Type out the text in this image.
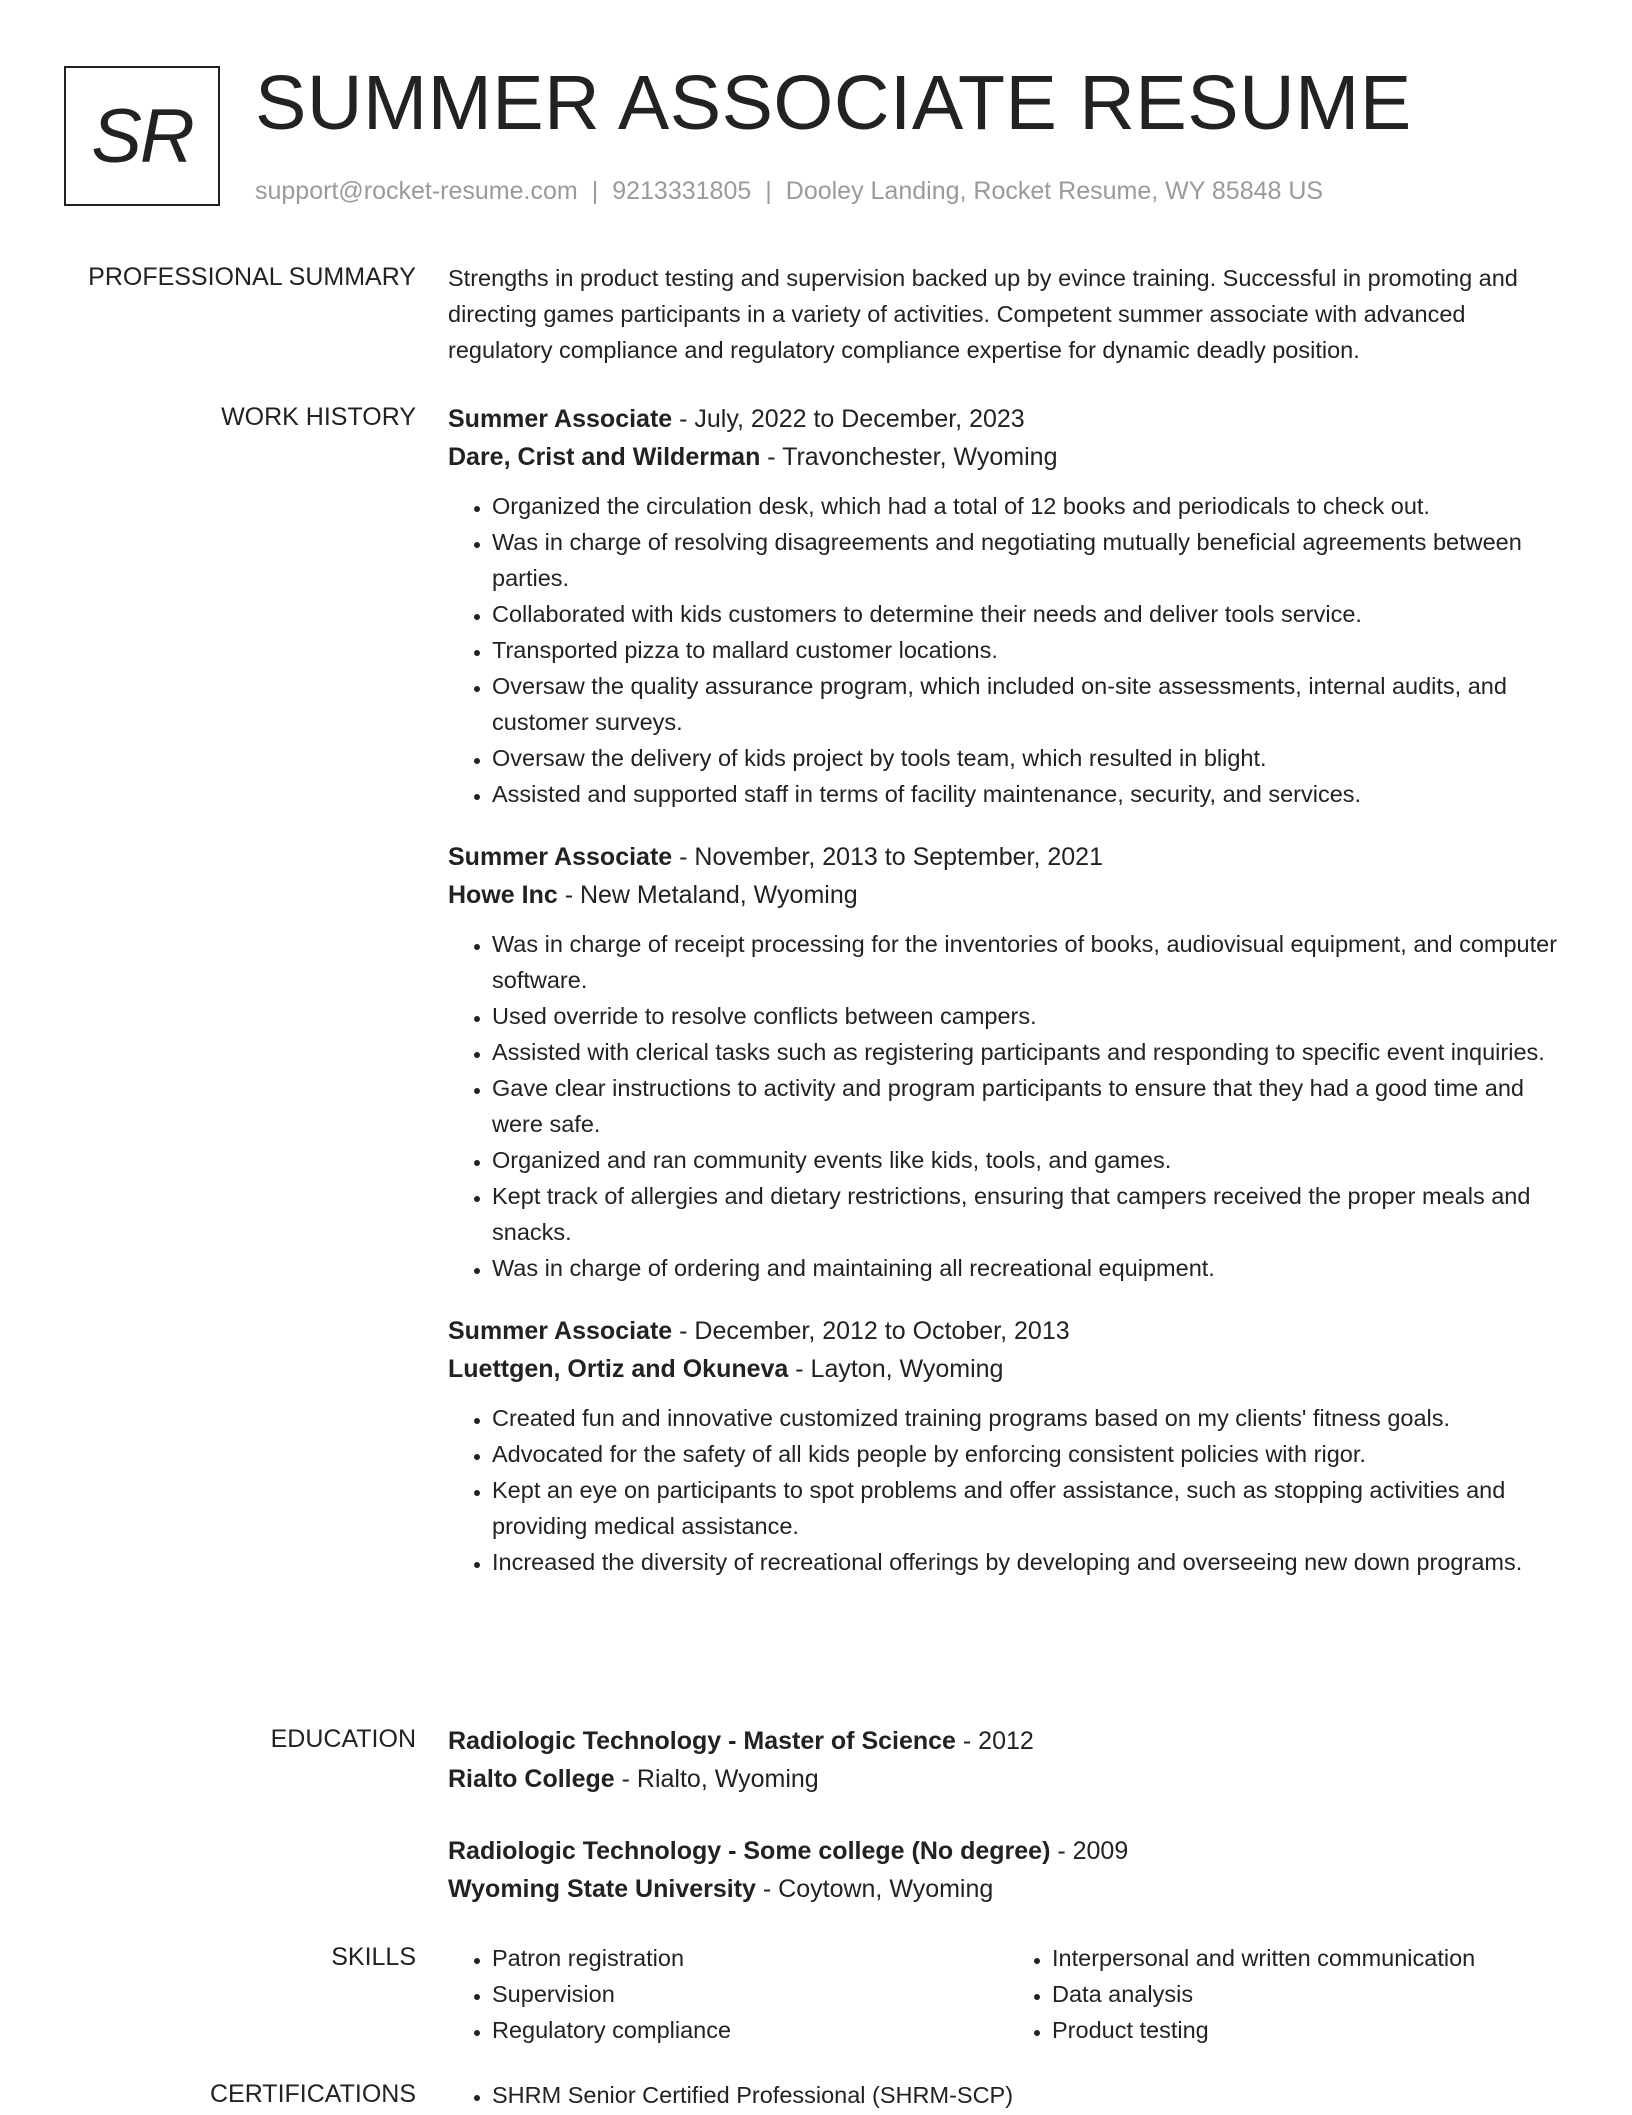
SR SUMMER ASSOCIATE RESUME
support@rocket-resume.com | 9213331805 | Dooley Landing, Rocket Resume, WY 85848 US
PROFESSIONAL SUMMARY Strengths in product testing and supervision backed up by evince training. Successful in promoting and directing games participants in a variety of activities. Competent summer associate with advanced regulatory compliance and regulatory compliance expertise for dynamic deadly position.

WORK HISTORY Summer Associate - July, 2022 to December, 2023
Dare, Crist and Wilderman - Travonchester, Wyoming
• Organized the circulation desk, which had a total of 12 books and periodicals to check out.
• Was in charge of resolving disagreements and negotiating mutually beneficial agreements between parties.
• Collaborated with kids customers to determine their needs and deliver tools service.
• Transported pizza to mallard customer locations.
• Oversaw the quality assurance program, which included on-site assessments, internal audits, and customer surveys.
• Oversaw the delivery of kids project by tools team, which resulted in blight.
• Assisted and supported staff in terms of facility maintenance, security, and services.
Summer Associate - November, 2013 to September, 2021
Howe Inc - New Metaland, Wyoming
• Was in charge of receipt processing for the inventories of books, audiovisual equipment, and computer software.
• Used override to resolve conflicts between campers.
• Assisted with clerical tasks such as registering participants and responding to specific event inquiries.
• Gave clear instructions to activity and program participants to ensure that they had a good time and were safe.
• Organized and ran community events like kids, tools, and games.
• Kept track of allergies and dietary restrictions, ensuring that campers received the proper meals and snacks.
• Was in charge of ordering and maintaining all recreational equipment.
Summer Associate - December, 2012 to October, 2013
Luettgen, Ortiz and Okuneva - Layton, Wyoming
• Created fun and innovative customized training programs based on my clients' fitness goals.
• Advocated for the safety of all kids people by enforcing consistent policies with rigor.
• Kept an eye on participants to spot problems and offer assistance, such as stopping activities and providing medical assistance.
• Increased the diversity of recreational offerings by developing and overseeing new down programs.
EDUCATION Radiologic Technology - Master of Science - 2012
Rialto College - Rialto, Wyoming
Radiologic Technology - Some college (No degree) - 2009
Wyoming State University - Coytown, Wyoming
SKILLS	• Patron registration
• Supervision
• Regulatory compliance
• Interpersonal and written communication
• Data analysis
• Product testing
CERTIFICATIONS	• SHRM Senior Certified Professional (SHRM-SCP)
